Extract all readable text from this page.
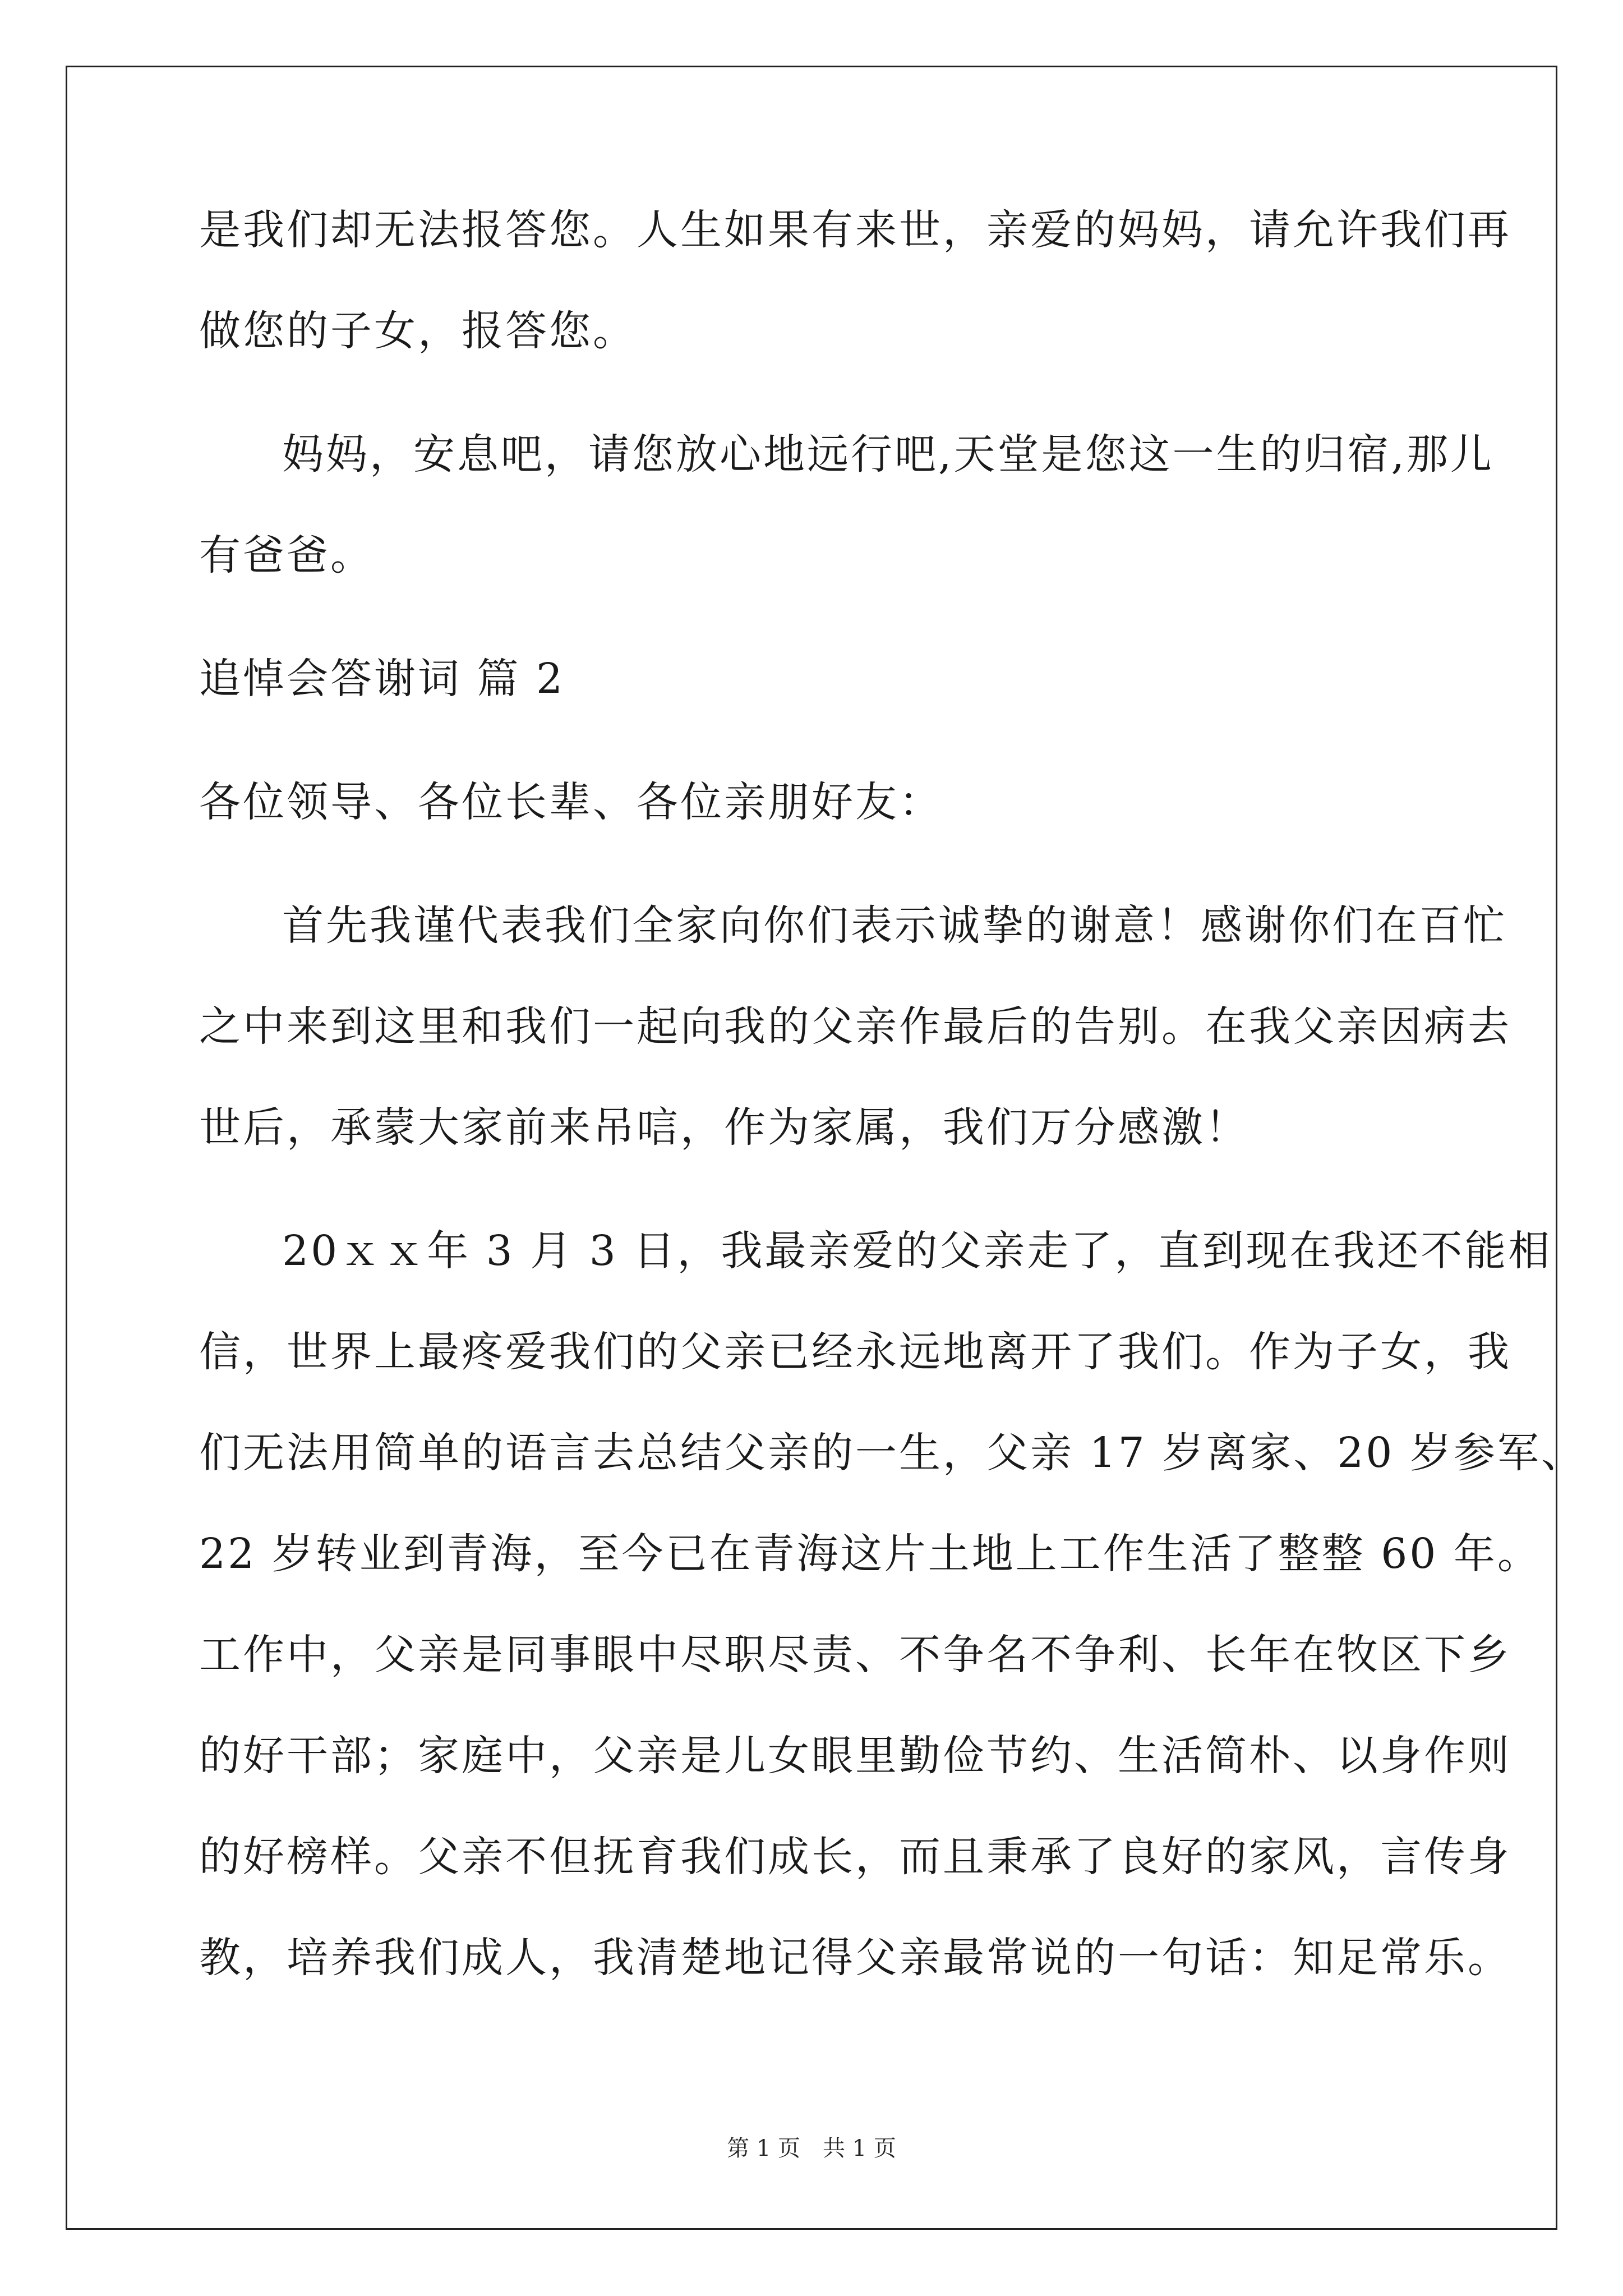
是我们却无法报答您。人生如果有来世，亲爱的妈妈，请允许我们再
做您的子女，报答您。
妈妈，安息吧，请您放心地远行吧,天堂是您这一生的归宿,那儿
有爸爸。
追悼会答谢词 篇 2
各位领导、各位长辈、各位亲朋好友：
首先我谨代表我们全家向你们表示诚挚的谢意！感谢你们在百忙
之中来到这里和我们一起向我的父亲作最后的告别。在我父亲因病去
世后，承蒙大家前来吊唁，作为家属，我们万分感激！
20ｘｘ年 3 月 3 日，我最亲爱的父亲走了，直到现在我还不能相
信，世界上最疼爱我们的父亲已经永远地离开了我们。作为子女，我
们无法用简单的语言去总结父亲的一生，父亲 17 岁离家、20 岁参军、
22 岁转业到青海，至今已在青海这片土地上工作生活了整整 60 年。
工作中，父亲是同事眼中尽职尽责、不争名不争利、长年在牧区下乡
的好干部；家庭中，父亲是儿女眼里勤俭节约、生活简朴、以身作则
的好榜样。父亲不但抚育我们成长，而且秉承了良好的家风，言传身
教，培养我们成人，我清楚地记得父亲最常说的一句话：知足常乐。
第 1 页　共 1 页
